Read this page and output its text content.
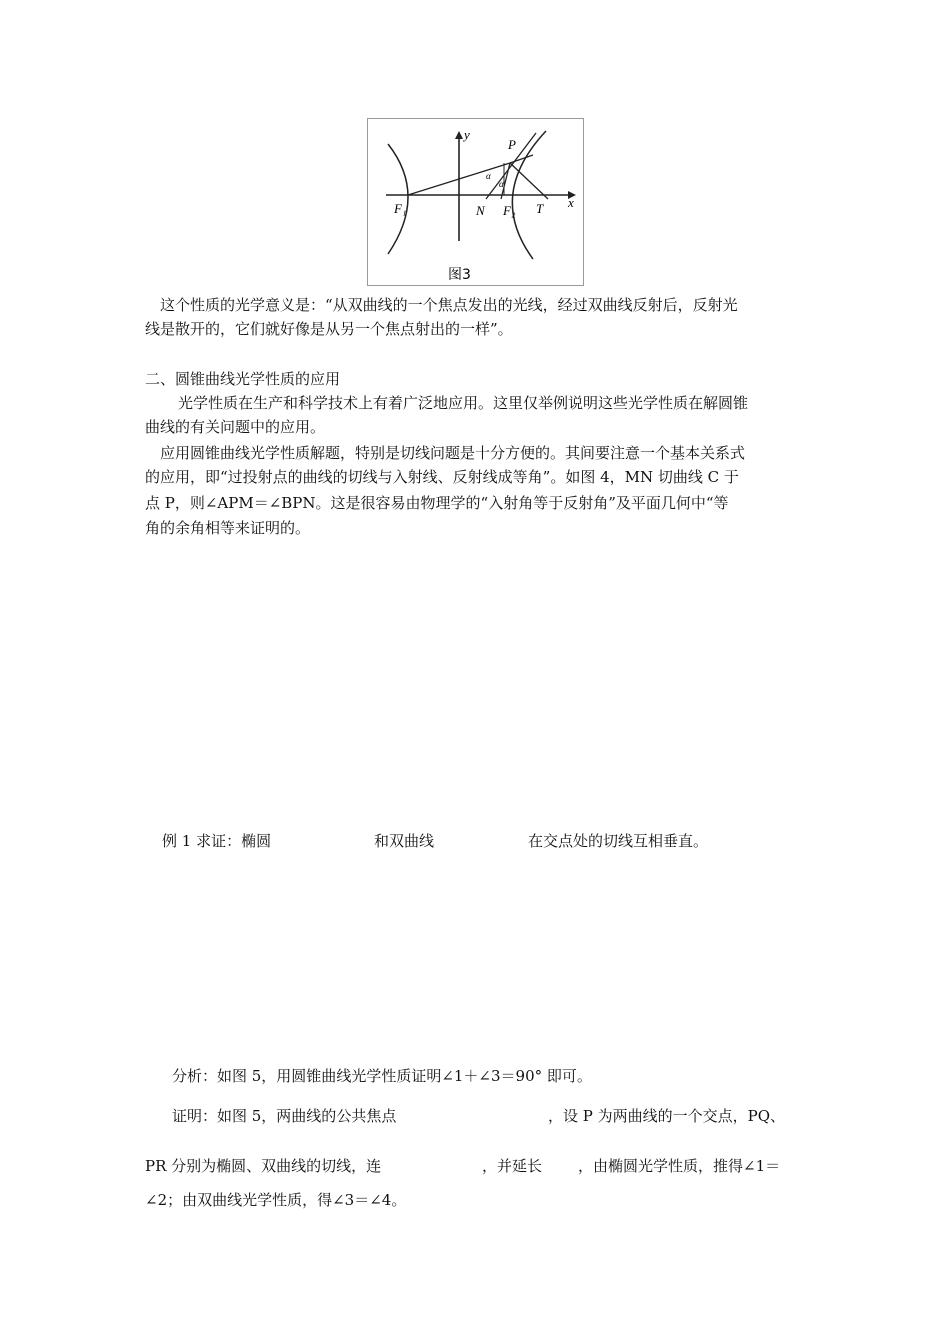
y
P
F₁	N F₂ T x
α
α
图3
这个性质的光学意义是：“从双曲线的一个焦点发出的光线，经过双曲线反射后，反射光
线是散开的，它们就好像是从另一个焦点射出的一样”。
二、圆锥曲线光学性质的应用
光学性质在生产和科学技术上有着广泛地应用。这里仅举例说明这些光学性质在解圆锥
曲线的有关问题中的应用。
应用圆锥曲线光学性质解题，特别是切线问题是十分方便的。其间要注意一个基本关系式
的应用，即“过投射点的曲线的切线与入射线、反射线成等角”。如图 4，MN 切曲线 C 于
点 P，则∠APM＝∠BPN。这是很容易由物理学的“入射角等于反射角”及平面几何中“等
角的余角相等来证明的。
例 1 求证：椭圆	和双曲线	在交点处的切线互相垂直。
分析：如图 5，用圆锥曲线光学性质证明∠1＋∠3＝90° 即可。
证明：如图 5，两曲线的公共焦点	，设 P 为两曲线的一个交点，PQ、
PR 分别为椭圆、双曲线的切线，连	，并延长 ，由椭圆光学性质，推得∠1＝
∠2；由双曲线光学性质，得∠3＝∠4。
